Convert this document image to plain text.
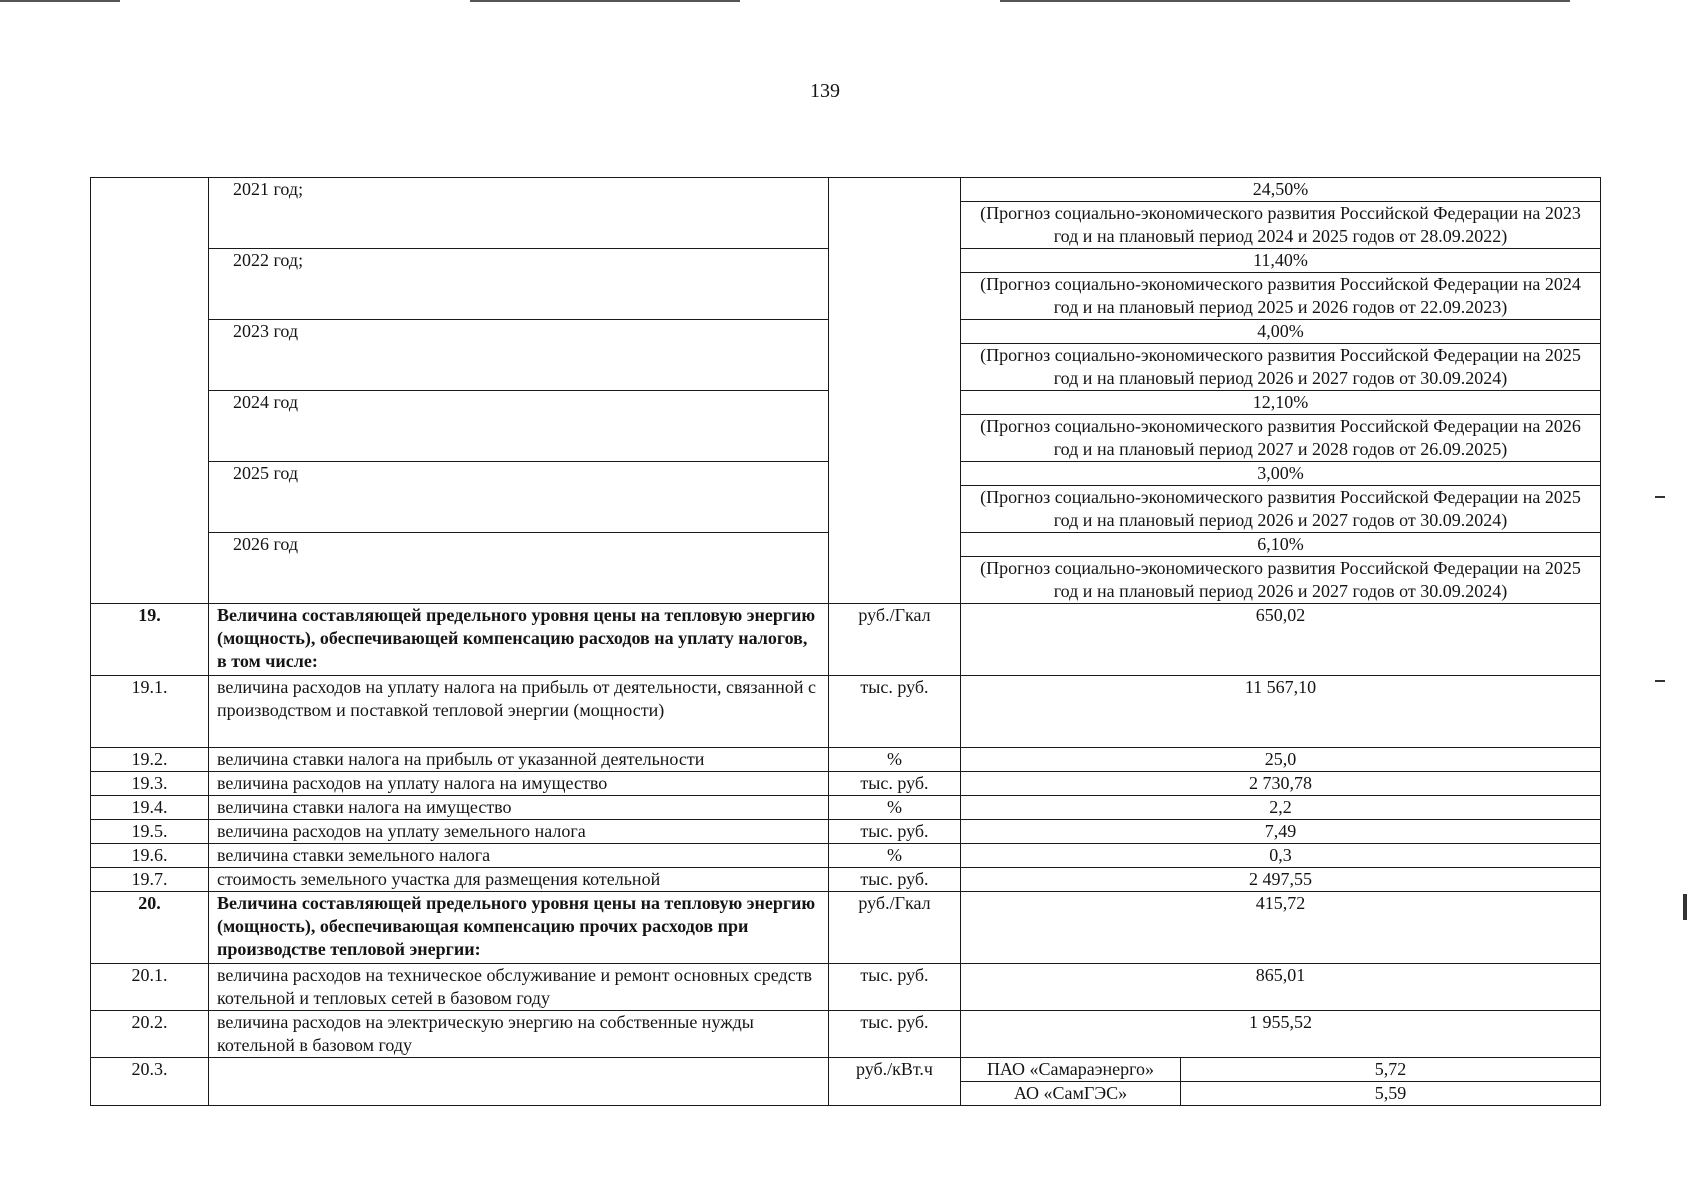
139
	2021 год;		24,50%	
			(Прогноз социально-экономического развития Российской Федерации на 2023 год и на плановый период 2024 и 2025 годов от 28.09.2022)	
	2022 год;		11,40%	
			(Прогноз социально-экономического развития Российской Федерации на 2024 год и на плановый период 2025 и 2026 годов от 22.09.2023)	
	2023 год		4,00%	
			(Прогноз социально-экономического развития Российской Федерации на 2025 год и на плановый период 2026 и 2027 годов от 30.09.2024)	
	2024 год		12,10%	
			(Прогноз социально-экономического развития Российской Федерации на 2026 год и на плановый период 2027 и 2028 годов от 26.09.2025)	
	2025 год		3,00%	
			(Прогноз социально-экономического развития Российской Федерации на 2025 год и на плановый период 2026 и 2027 годов от 30.09.2024)	
	2026 год		6,10%	
			(Прогноз социально-экономического развития Российской Федерации на 2025 год и на плановый период 2026 и 2027 годов от 30.09.2024)	
19.	Величина составляющей предельного уровня цены на тепловую энергию (мощность), обеспечивающей компенсацию расходов на уплату налогов, в том числе:	руб./Гкал	650,02	
19.1.	величина расходов на уплату налога на прибыль от деятельности, связанной с производством и поставкой тепловой энергии (мощности)	тыс. руб.	11 567,10	
19.2.	величина ставки налога на прибыль от указанной деятельности	%	25,0	
19.3.	величина расходов на уплату налога на имущество	тыс. руб.	2 730,78	
19.4.	величина ставки налога на имущество	%	2,2	
19.5.	величина расходов на уплату земельного налога	тыс. руб.	7,49	
19.6.	величина ставки земельного налога	%	0,3	
19.7.	стоимость земельного участка для размещения котельной	тыс. руб.	2 497,55	
20.	Величина составляющей предельного уровня цены на тепловую энергию (мощность), обеспечивающая компенсацию прочих расходов при производстве тепловой энергии:	руб./Гкал	415,72	
20.1.	величина расходов на техническое обслуживание и ремонт основных средств котельной и тепловых сетей в базовом году	тыс. руб.	865,01	
20.2.	величина расходов на электрическую энергию на собственные нужды котельной в базовом году	тыс. руб.	1 955,52	
20.3.		руб./кВт.ч	ПАО «Самараэнерго»	5,72
			АО «СамГЭС»	5,59
